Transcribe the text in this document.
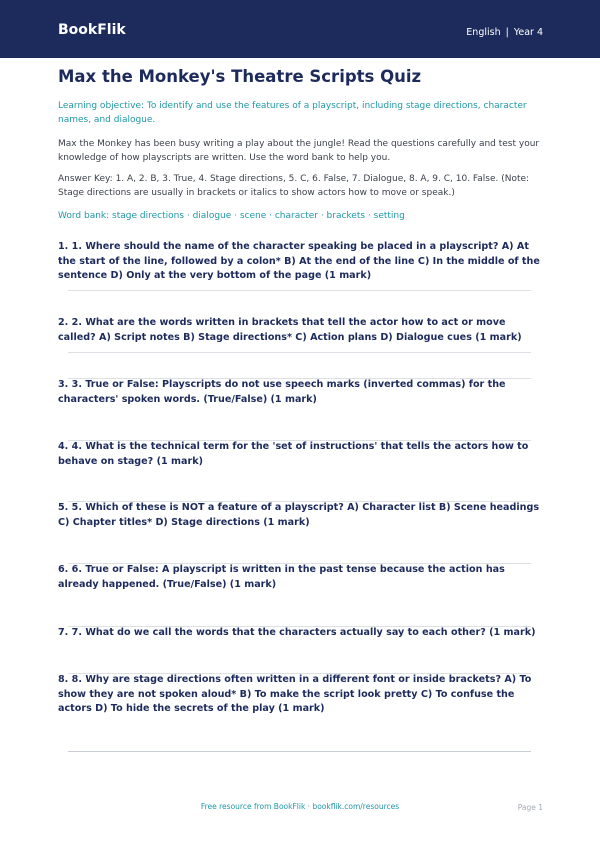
BookFlik	English | Year 4
Max the Monkey's Theatre Scripts Quiz
Learning objective: To identify and use the features of a playscript, including stage directions, character names, and dialogue.
Max the Monkey has been busy writing a play about the jungle! Read the questions carefully and test your knowledge of how playscripts are written. Use the word bank to help you.
Answer Key: 1. A, 2. B, 3. True, 4. Stage directions, 5. C, 6. False, 7. Dialogue, 8. A, 9. C, 10. False. (Note: Stage directions are usually in brackets or italics to show actors how to move or speak.)
Word bank: stage directions · dialogue · scene · character · brackets · setting
1. 1. Where should the name of the character speaking be placed in a playscript? A) At the start of the line, followed by a colon* B) At the end of the line C) In the middle of the sentence D) Only at the very bottom of the page (1 mark)
2. 2. What are the words written in brackets that tell the actor how to act or move called? A) Script notes B) Stage directions* C) Action plans D) Dialogue cues (1 mark)
3. 3. True or False: Playscripts do not use speech marks (inverted commas) for the characters' spoken words. (True/False) (1 mark)
4. 4. What is the technical term for the 'set of instructions' that tells the actors how to behave on stage? (1 mark)
5. 5. Which of these is NOT a feature of a playscript? A) Character list B) Scene headings C) Chapter titles* D) Stage directions (1 mark)
6. 6. True or False: A playscript is written in the past tense because the action has already happened. (True/False) (1 mark)
7. 7. What do we call the words that the characters actually say to each other? (1 mark)
8. 8. Why are stage directions often written in a different font or inside brackets? A) To show they are not spoken aloud* B) To make the script look pretty C) To confuse the actors D) To hide the secrets of the play (1 mark)
Free resource from BookFlik · bookflik.com/resources	Page 1
